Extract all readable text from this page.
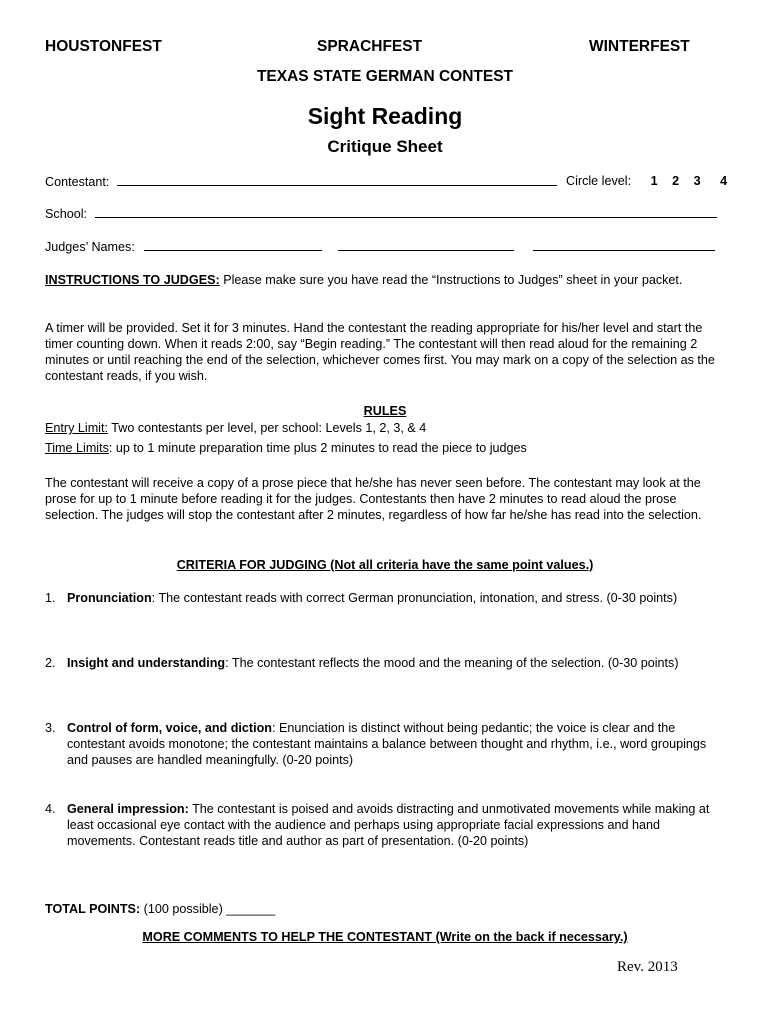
HOUSTONFEST	SPRACHFEST	WINTERFEST
TEXAS STATE GERMAN CONTEST
Sight Reading
Critique Sheet
Contestant:	Circle level: 1 2 3 4
School:
Judges’ Names:
INSTRUCTIONS TO JUDGES: Please make sure you have read the “Instructions to Judges” sheet in your packet.
A timer will be provided. Set it for 3 minutes. Hand the contestant the reading appropriate for his/her level and start the timer counting down. When it reads 2:00, say “Begin reading.” The contestant will then read aloud for the remaining 2 minutes or until reaching the end of the selection, whichever comes first. You may mark on a copy of the selection as the contestant reads, if you wish.
RULES
Entry Limit: Two contestants per level, per school: Levels 1, 2, 3, & 4
Time Limits: up to 1 minute preparation time plus 2 minutes to read the piece to judges
The contestant will receive a copy of a prose piece that he/she has never seen before. The contestant may look at the prose for up to 1 minute before reading it for the judges. Contestants then have 2 minutes to read aloud the prose selection. The judges will stop the contestant after 2 minutes, regardless of how far he/she has read into the selection.
CRITERIA FOR JUDGING (Not all criteria have the same point values.)
1. Pronunciation: The contestant reads with correct German pronunciation, intonation, and stress. (0-30 points)
2. Insight and understanding: The contestant reflects the mood and the meaning of the selection. (0-30 points)
3. Control of form, voice, and diction: Enunciation is distinct without being pedantic; the voice is clear and the contestant avoids monotone; the contestant maintains a balance between thought and rhythm, i.e., word groupings and pauses are handled meaningfully. (0-20 points)
4. General impression: The contestant is poised and avoids distracting and unmotivated movements while making at least occasional eye contact with the audience and perhaps using appropriate facial expressions and hand movements. Contestant reads title and author as part of presentation. (0-20 points)
TOTAL POINTS: (100 possible) _______
MORE COMMENTS TO HELP THE CONTESTANT (Write on the back if necessary.)
Rev. 2013
